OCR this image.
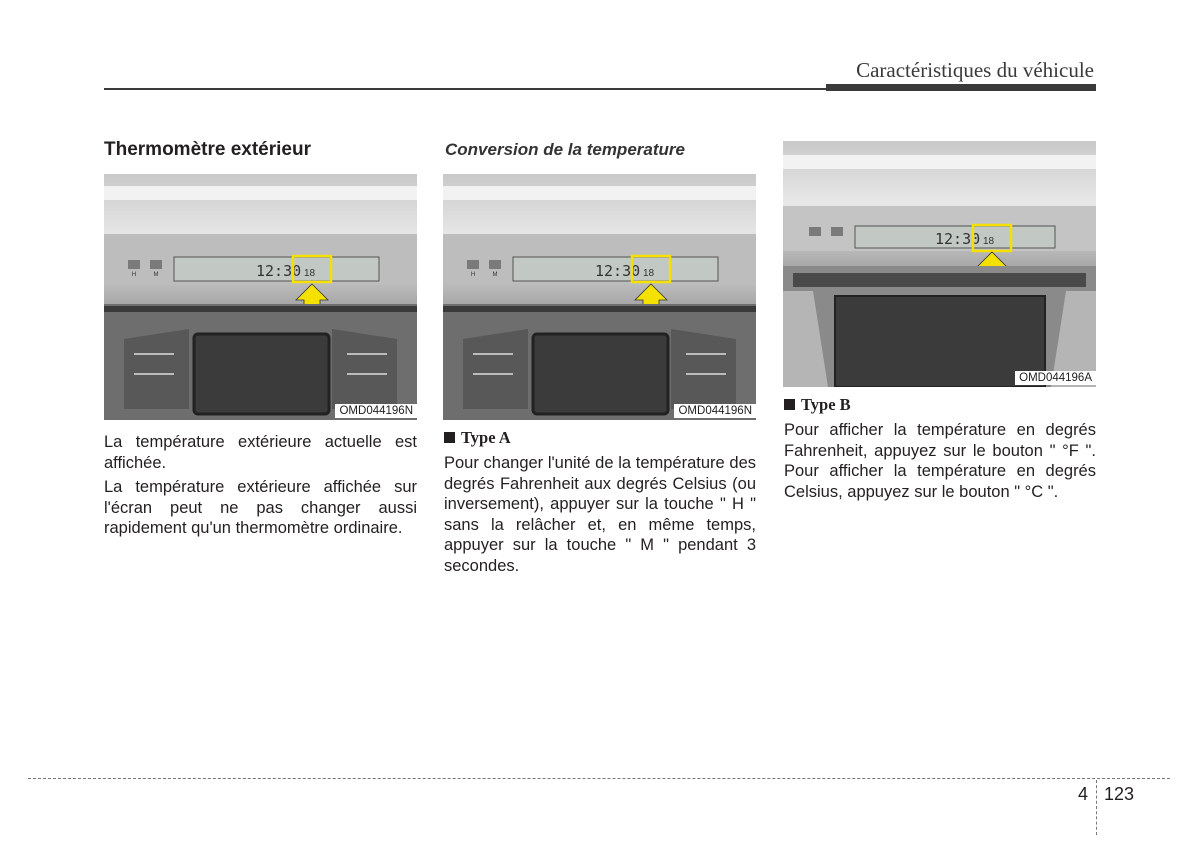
Caractéristiques du véhicule
Thermomètre extérieur
H	M	12:30 18
OMD044196N
La température extérieure actuelle est affichée.
La température extérieure affichée sur l'écran peut ne pas changer aussi rapidement qu'un thermomètre ordinaire.
Conversion de la temperature
H	M	12:30 18
OMD044196N
Type A
Pour changer l'unité de la température des degrés Fahrenheit aux degrés Celsius (ou inversement), appuyer sur la touche " H " sans la relâcher et, en même temps, appuyer sur la touche " M " pendant 3 secondes.
12:30 18
OMD044196A
Type B
Pour afficher la température en degrés Fahrenheit, appuyez sur le bouton " °F ". Pour afficher la température en degrés Celsius, appuyez sur le bouton " °C ".
4 123
